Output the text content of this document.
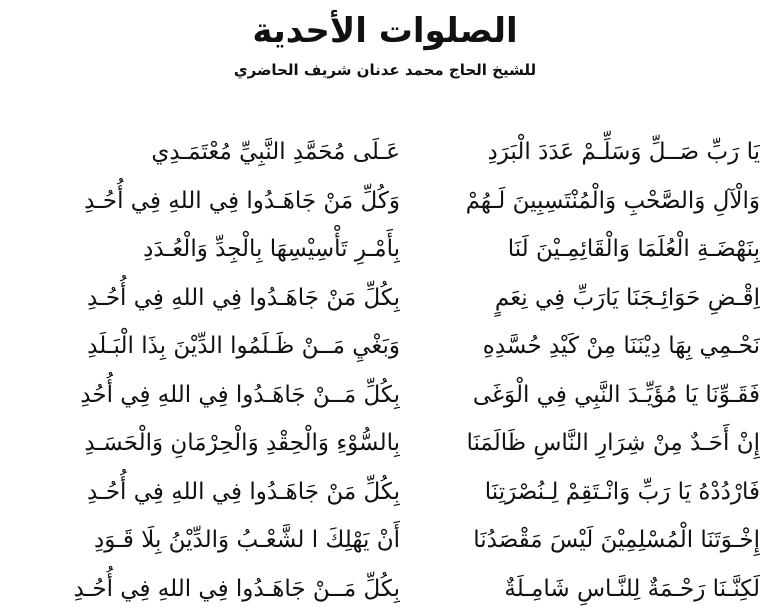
الصلوات الأحدية
للشيخ الحاج محمد عدنان شريف الحاضري
يَا رَبِّ صَــلِّ وَسَلِّـمْ عَدَدَ الْبَرَدِ
عَـلَى مُحَمَّدِ النَّبِيِّ مُعْتَمَـدِي
وَالْآلِ وَالصَّحْبِ وَالْمُنْتَسِبِينَ لَـهُمْ
وَكُلِّ مَنْ جَاهَـدُوا فِي اللهِ فِي أُحُـدِ
بِنَهْضَـةِ الْعُلَمَا وَالْقَائِمِـيْنَ لَنَا
بِأَمْـرِ تَأْسِيْسِهَا بِالْجِدِّ وَالْعُـدَدِ
اِقْـضِ حَوَائِـجَنَا يَارَبِّ فِي نِعَمٍ
بِكُلِّ مَنْ جَاهَـدُوا فِي اللهِ فِي أُحُـدِ
نَحْـمِي بِهَا دِيْنَنَا مِنْ كَيْدِ حُسَّدِهِ
وَبَغْيِ مَــنْ ظَـلَمُوا الدِّيْنَ بِذَا الْبَـلَدِ
فَقَـوِّنَا يَا مُؤَيِّـدَ النَّبِي فِي الْوَغَى
بِكُلِّ مَــنْ جَاهَـدُوا فِي اللهِ فِي أُحُدِ
إِنْ أَحَـدٌ مِنْ شِرَارِ النَّاسِ ظَالَمَنَا
بِالسُّوْءِ وَالْحِقْدِ وَالْحِرْمَانِ وَالْحَسَـدِ
فَارْدُدْهُ يَا رَبِّ وَانْـتَقِمْ لِـنُصْرَتِنَا
بِكُلِّ مَنْ جَاهَـدُوا فِي اللهِ فِي أُحُـدِ
إِخْـوَتَنَا الْمُسْلِمِيْنَ لَيْسَ مَقْصَدُنَا
أَنْ يَهْلِكَ ا لشَّعْـبُ وَالدِّيْنُ بِلَا قَـوَدِ
لَكِنَّـنَا رَحْـمَةٌ لِلنَّـاسِ شَامِـلَةٌ
بِكُلِّ مَــنْ جَاهَـدُوا فِي اللهِ فِي أُحُـدِ
